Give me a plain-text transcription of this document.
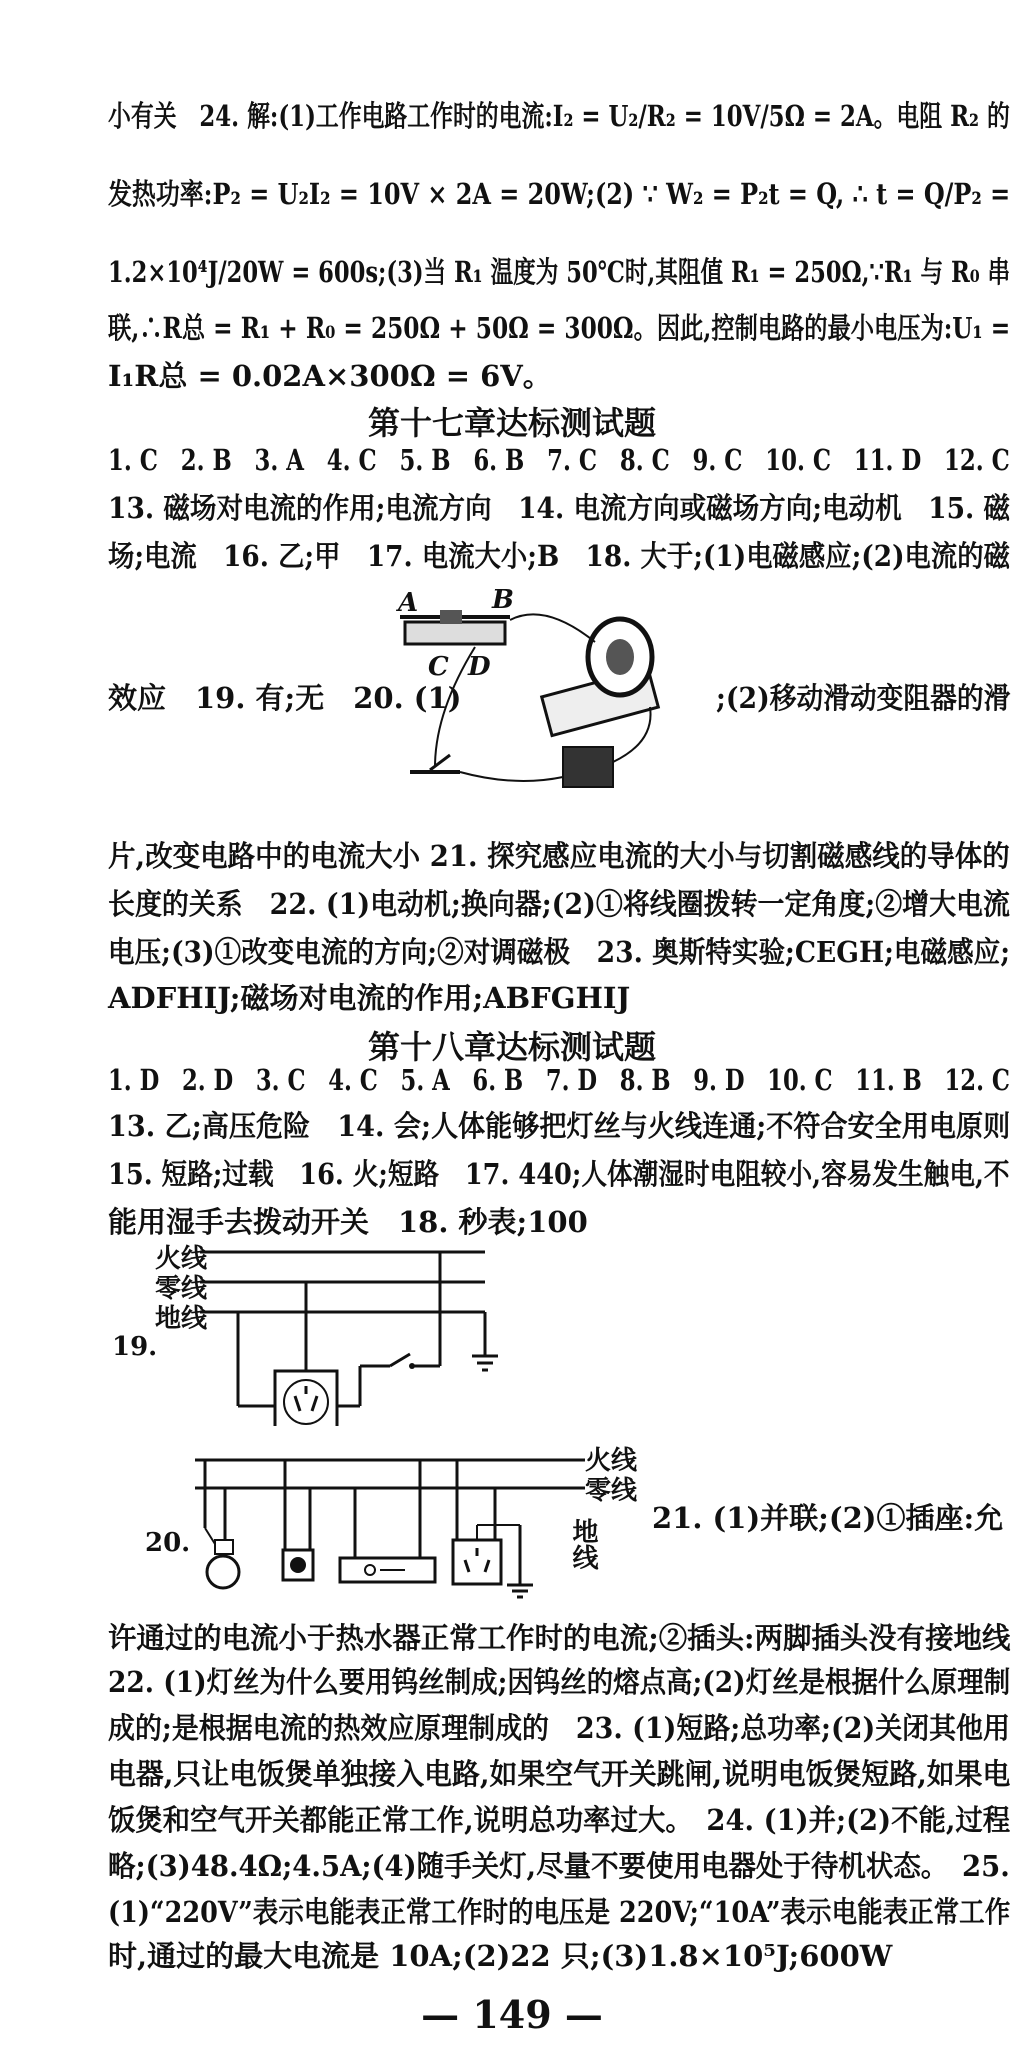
小有关　24. 解:(1)工作电路工作时的电流:I₂ = U₂/R₂ = 10V/5Ω = 2A。电阻 R₂ 的
发热功率:P₂ = U₂I₂ = 10V × 2A = 20W;(2) ∵ W₂ = P₂t = Q, ∴ t = Q/P₂ =
1.2×10⁴J/20W = 600s;(3)当 R₁ 温度为 50℃时,其阻值 R₁ = 250Ω,∵R₁ 与 R₀ 串
联,∴R总 = R₁ + R₀ = 250Ω + 50Ω = 300Ω。因此,控制电路的最小电压为:U₁ =
I₁R总 = 0.02A×300Ω = 6V。
第十七章达标测试题
1. C　2. B　3. A　4. C　5. B　6. B　7. C　8. C　9. C　10. C　11. D　12. C
13. 磁场对电流的作用;电流方向　14. 电流方向或磁场方向;电动机　15. 磁
场;电流　16. 乙;甲　17. 电流大小;B　18. 大于;(1)电磁感应;(2)电流的磁
A	B
C D
效应　19. 有;无　20. (1)	;(2)移动滑动变阻器的滑
片,改变电路中的电流大小 21. 探究感应电流的大小与切割磁感线的导体的
长度的关系　22. (1)电动机;换向器;(2)①将线圈拨转一定角度;②增大电流
电压;(3)①改变电流的方向;②对调磁极　23. 奥斯特实验;CEGH;电磁感应;
ADFHIJ;磁场对电流的作用;ABFGHIJ
第十八章达标测试题
1. D　2. D　3. C　4. C　5. A　6. B　7. D　8. B　9. D　10. C　11. B　12. C
13. 乙;高压危险　14. 会;人体能够把灯丝与火线连通;不符合安全用电原则
15. 短路;过载　16. 火;短路　17. 440;人体潮湿时电阻较小,容易发生触电,不
能用湿手去拨动开关　18. 秒表;100
火线
零线
地线
19.
火线
零线
20.	地线 21. (1)并联;(2)①插座:允
许通过的电流小于热水器正常工作时的电流;②插头:两脚插头没有接地线
22. (1)灯丝为什么要用钨丝制成;因钨丝的熔点高;(2)灯丝是根据什么原理制
成的;是根据电流的热效应原理制成的　23. (1)短路;总功率;(2)关闭其他用
电器,只让电饭煲单独接入电路,如果空气开关跳闸,说明电饭煲短路,如果电
饭煲和空气开关都能正常工作,说明总功率过大。　24. (1)并;(2)不能,过程
略;(3)48.4Ω;4.5A;(4)随手关灯,尽量不要使用电器处于待机状态。　25.
(1)“220V”表示电能表正常工作时的电压是 220V;“10A”表示电能表正常工作
时,通过的最大电流是 10A;(2)22 只;(3)1.8×10⁵J;600W
— 149 —
